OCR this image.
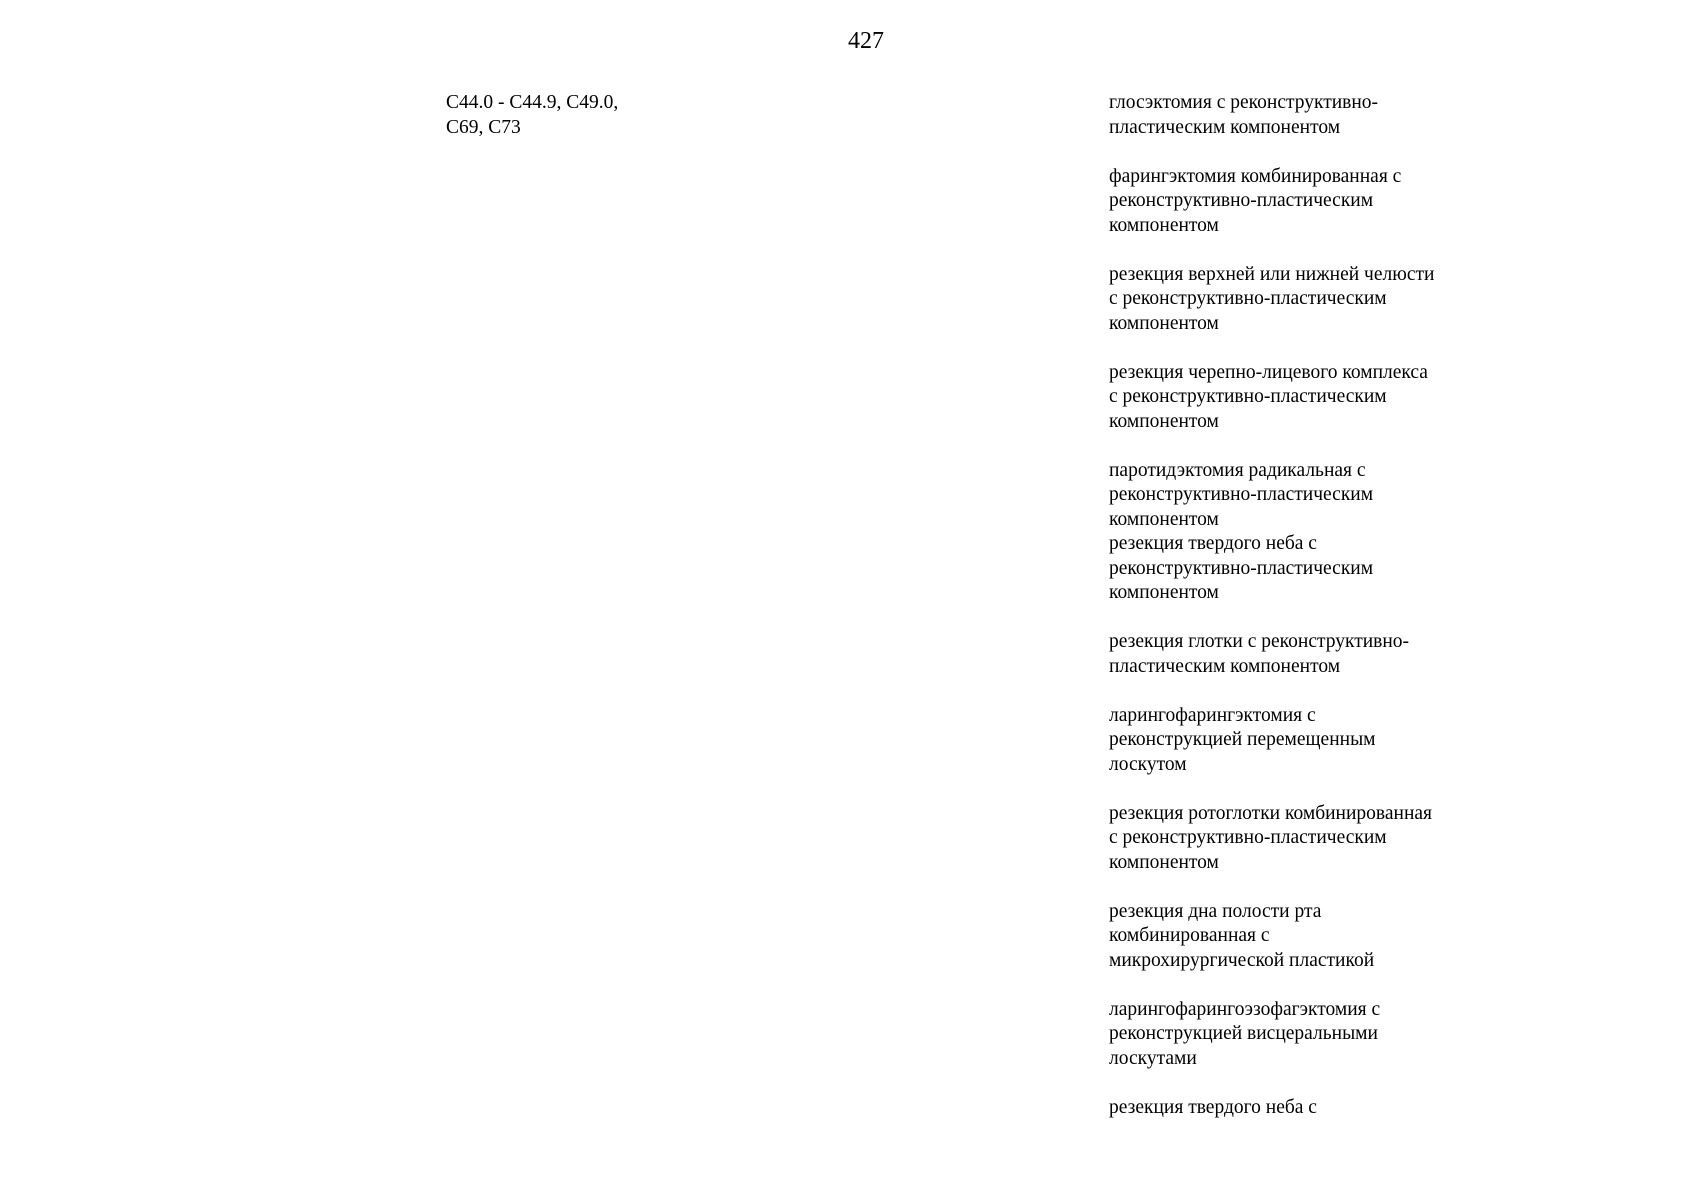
427
С44.0 - С44.9, С49.0,
С69, С73
глосэктомия с реконструктивно-
пластическим компонентом
фарингэктомия комбинированная с
реконструктивно-пластическим
компонентом
резекция верхней или нижней челюсти
с реконструктивно-пластическим
компонентом
резекция черепно-лицевого комплекса
с реконструктивно-пластическим
компонентом
паротидэктомия радикальная с
реконструктивно-пластическим
компонентом
резекция твердого неба с
реконструктивно-пластическим
компонентом
резекция глотки с реконструктивно-
пластическим компонентом
ларингофарингэктомия с
реконструкцией перемещенным
лоскутом
резекция ротоглотки комбинированная
с реконструктивно-пластическим
компонентом
резекция дна полости рта
комбинированная с
микрохирургической пластикой
ларингофарингоэзофагэктомия с
реконструкцией висцеральными
лоскутами
резекция твердого неба с
